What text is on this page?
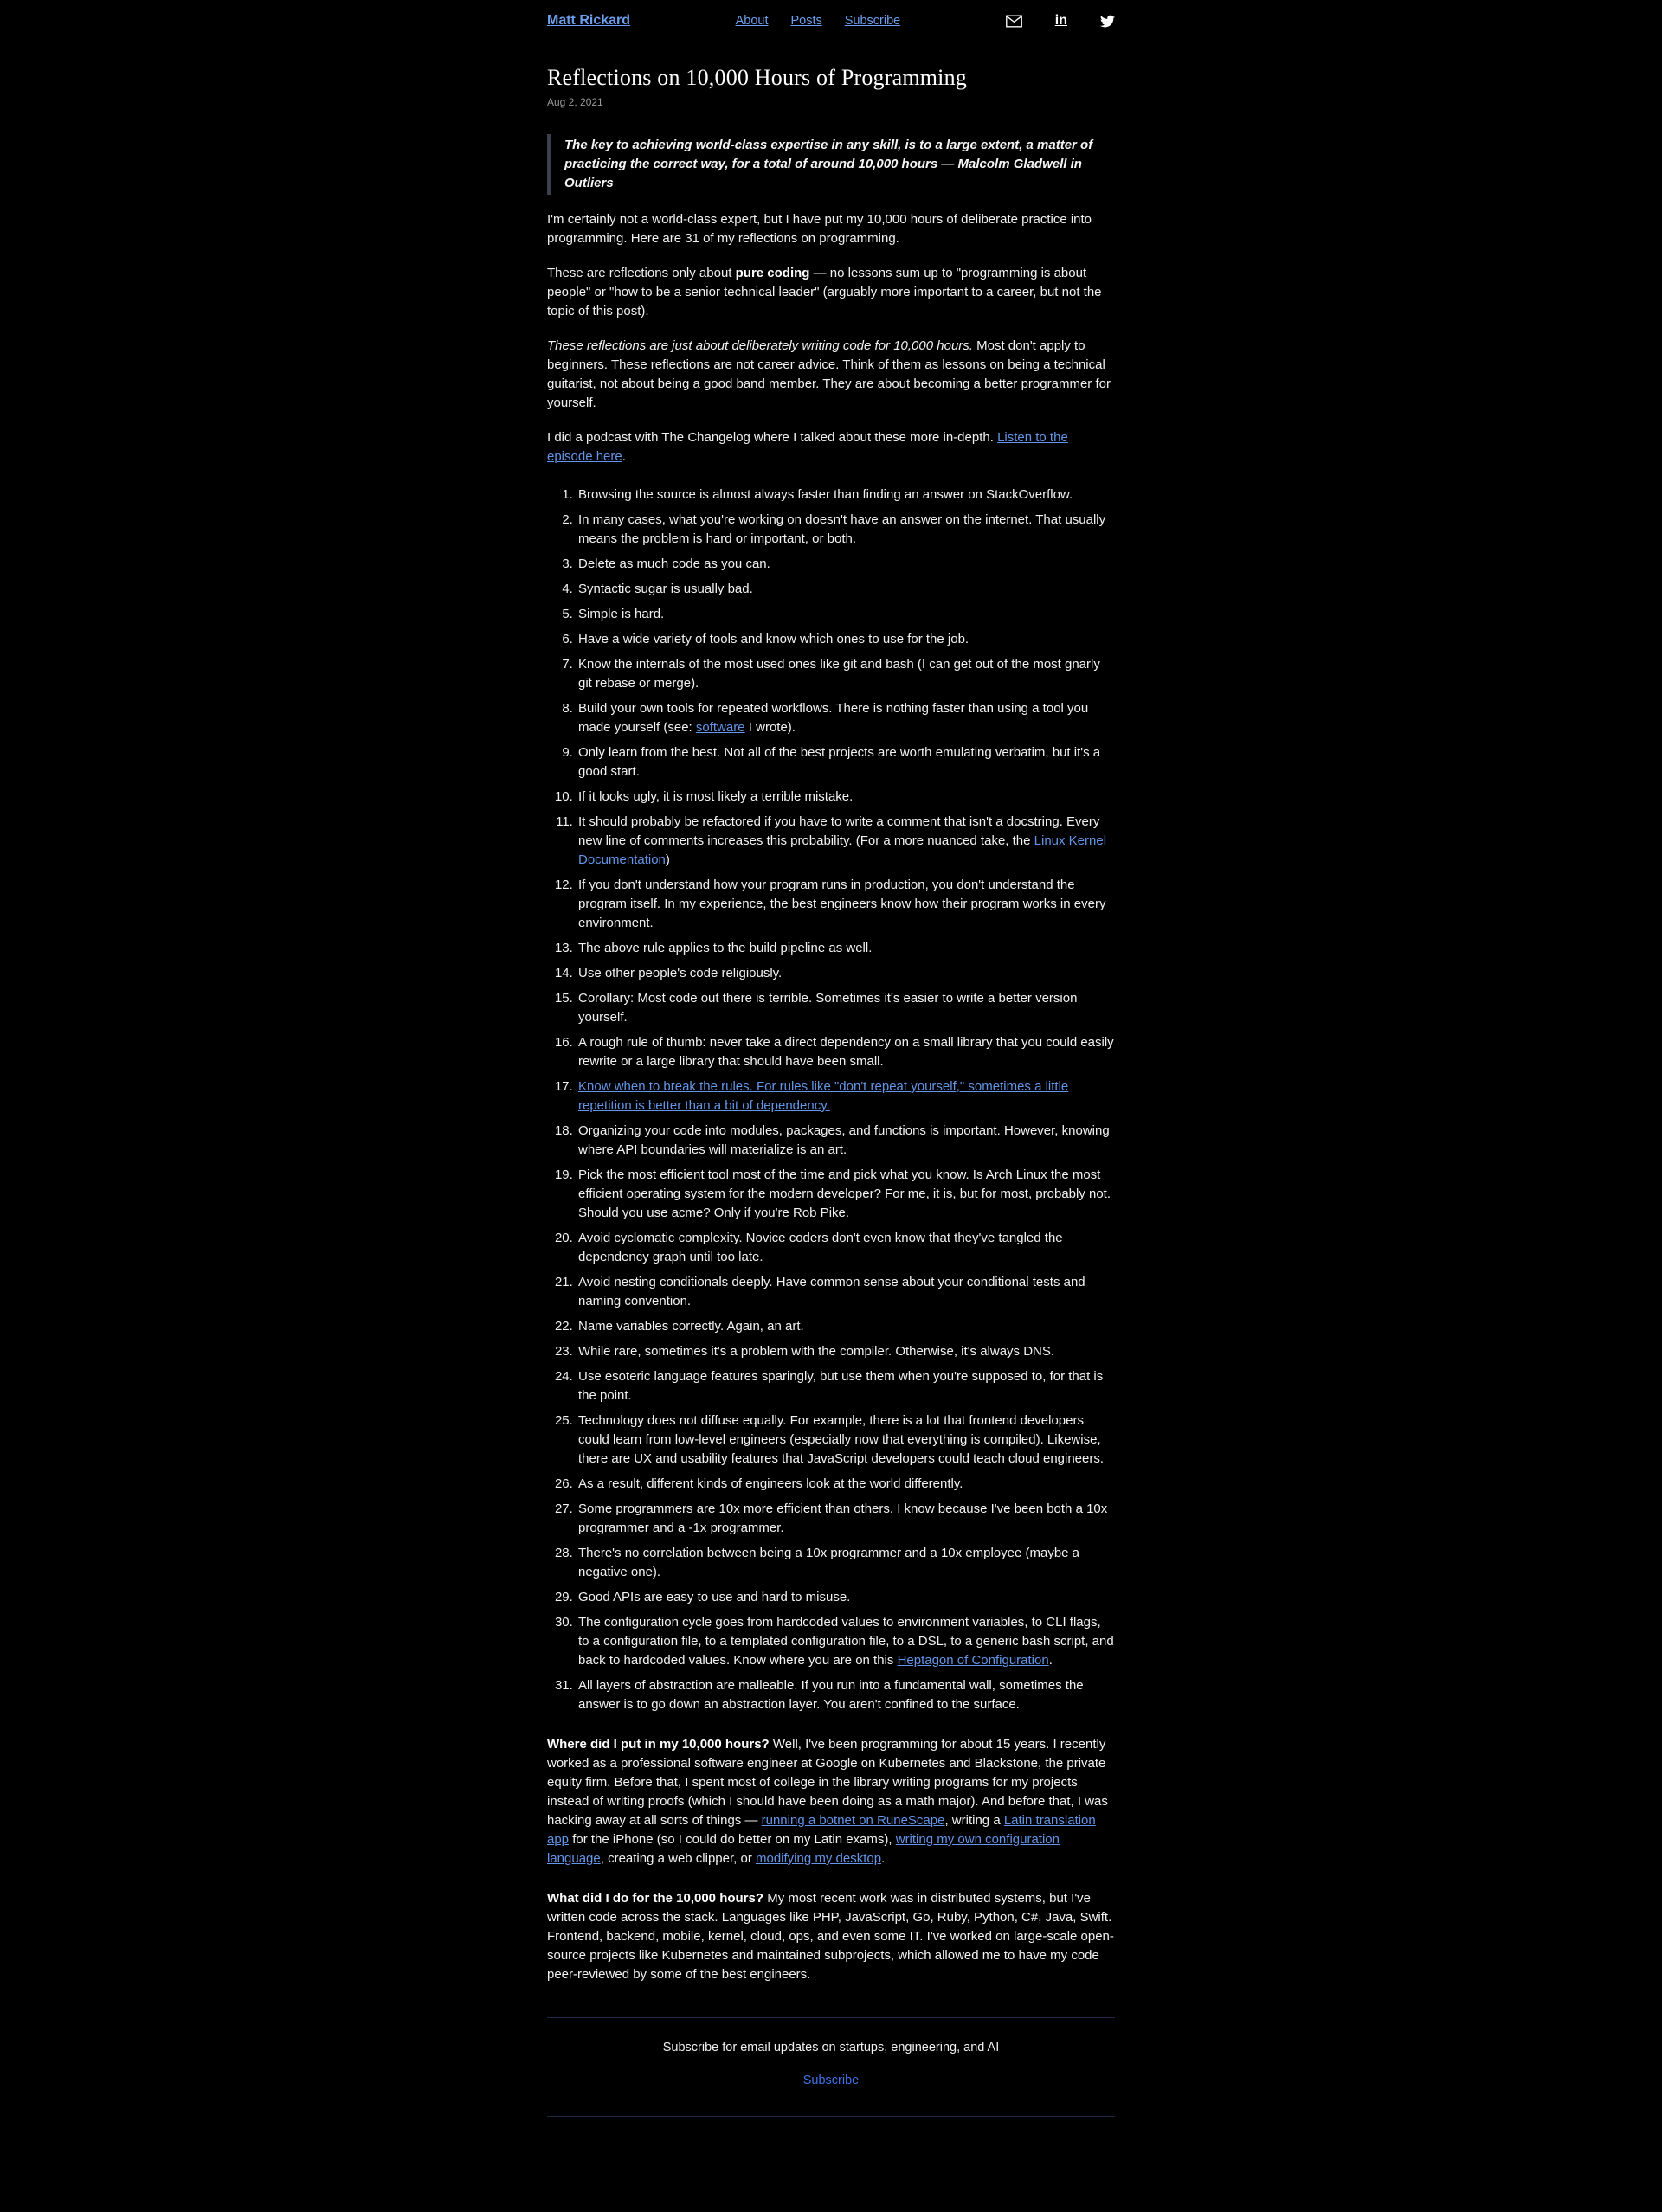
Matt Rickard	About Posts Subscribe	in
Reflections on 10,000 Hours of Programming
Aug 2, 2021
The key to achieving world-class expertise in any skill, is to a large extent, a matter of practicing the correct way, for a total of around 10,000 hours — Malcolm Gladwell in Outliers

I'm certainly not a world-class expert, but I have put my 10,000 hours of deliberate practice into programming. Here are 31 of my reflections on programming.

These are reflections only about pure coding — no lessons sum up to "programming is about people" or "how to be a senior technical leader" (arguably more important to a career, but not the topic of this post).

These reflections are just about deliberately writing code for 10,000 hours. Most don't apply to beginners. These reflections are not career advice. Think of them as lessons on being a technical guitarist, not about being a good band member. They are about becoming a better programmer for yourself.

I did a podcast with The Changelog where I talked about these more in-depth. Listen to the episode here.

1. Browsing the source is almost always faster than finding an answer on StackOverflow.
2. In many cases, what you're working on doesn't have an answer on the internet. That usually means the problem is hard or important, or both.
3. Delete as much code as you can.
4. Syntactic sugar is usually bad.
5. Simple is hard.
6. Have a wide variety of tools and know which ones to use for the job.
7. Know the internals of the most used ones like git and bash (I can get out of the most gnarly git rebase or merge).
8. Build your own tools for repeated workflows. There is nothing faster than using a tool you made yourself (see: software I wrote).
9. Only learn from the best. Not all of the best projects are worth emulating verbatim, but it's a good start.
10. If it looks ugly, it is most likely a terrible mistake.
11. It should probably be refactored if you have to write a comment that isn't a docstring. Every new line of comments increases this probability. (For a more nuanced take, the Linux Kernel Documentation)
12. If you don't understand how your program runs in production, you don't understand the program itself. In my experience, the best engineers know how their program works in every environment.
13. The above rule applies to the build pipeline as well.
14. Use other people's code religiously.
15. Corollary: Most code out there is terrible. Sometimes it's easier to write a better version yourself.
16. A rough rule of thumb: never take a direct dependency on a small library that you could easily rewrite or a large library that should have been small.
17. Know when to break the rules. For rules like "don't repeat yourself," sometimes a little repetition is better than a bit of dependency.
18. Organizing your code into modules, packages, and functions is important. However, knowing where API boundaries will materialize is an art.
19. Pick the most efficient tool most of the time and pick what you know. Is Arch Linux the most efficient operating system for the modern developer? For me, it is, but for most, probably not. Should you use acme? Only if you're Rob Pike.
20. Avoid cyclomatic complexity. Novice coders don't even know that they've tangled the dependency graph until too late.
21. Avoid nesting conditionals deeply. Have common sense about your conditional tests and naming convention.
22. Name variables correctly. Again, an art.
23. While rare, sometimes it's a problem with the compiler. Otherwise, it's always DNS.
24. Use esoteric language features sparingly, but use them when you're supposed to, for that is the point.
25. Technology does not diffuse equally. For example, there is a lot that frontend developers could learn from low-level engineers (especially now that everything is compiled). Likewise, there are UX and usability features that JavaScript developers could teach cloud engineers.
26. As a result, different kinds of engineers look at the world differently.
27. Some programmers are 10x more efficient than others. I know because I've been both a 10x programmer and a -1x programmer.
28. There's no correlation between being a 10x programmer and a 10x employee (maybe a negative one).
29. Good APIs are easy to use and hard to misuse.
30. The configuration cycle goes from hardcoded values to environment variables, to CLI flags, to a configuration file, to a templated configuration file, to a DSL, to a generic bash script, and back to hardcoded values. Know where you are on this Heptagon of Configuration.
31. All layers of abstraction are malleable. If you run into a fundamental wall, sometimes the answer is to go down an abstraction layer. You aren't confined to the surface.

Where did I put in my 10,000 hours? Well, I've been programming for about 15 years. I recently worked as a professional software engineer at Google on Kubernetes and Blackstone, the private equity firm. Before that, I spent most of college in the library writing programs for my projects instead of writing proofs (which I should have been doing as a math major). And before that, I was hacking away at all sorts of things — running a botnet on RuneScape, writing a Latin translation app for the iPhone (so I could do better on my Latin exams), writing my own configuration language, creating a web clipper, or modifying my desktop.

What did I do for the 10,000 hours? My most recent work was in distributed systems, but I've written code across the stack. Languages like PHP, JavaScript, Go, Ruby, Python, C#, Java, Swift. Frontend, backend, mobile, kernel, cloud, ops, and even some IT. I've worked on large-scale open-source projects like Kubernetes and maintained subprojects, which allowed me to have my code peer-reviewed by some of the best engineers.

Subscribe for email updates on startups, engineering, and AI
Subscribe
